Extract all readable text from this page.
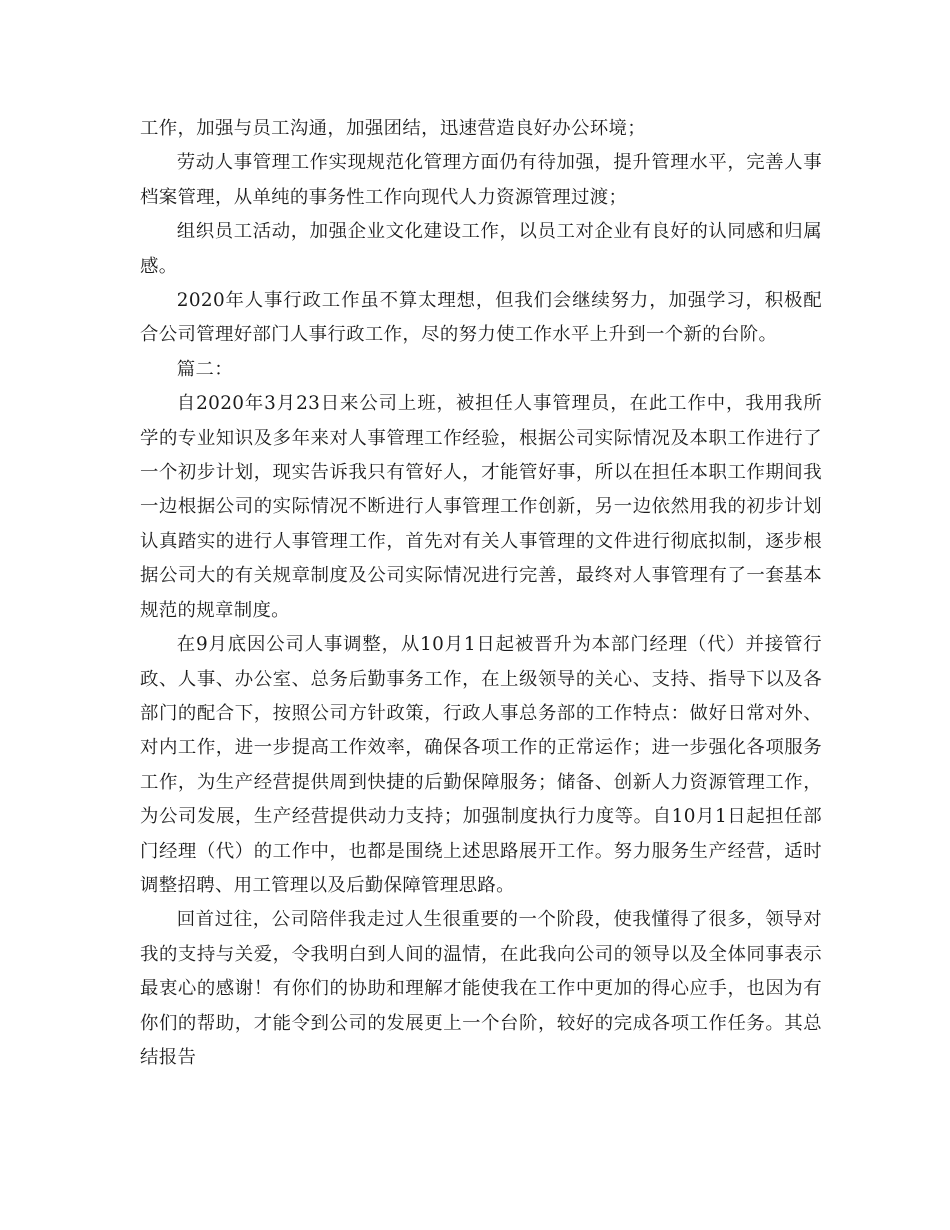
工作，加强与员工沟通，加强团结，迅速营造良好办公环境；

劳动人事管理工作实现规范化管理方面仍有待加强，提升管理水平，完善人事档案管理，从单纯的事务性工作向现代人力资源管理过渡；

组织员工活动，加强企业文化建设工作，以员工对企业有良好的认同感和归属感。

2020年人事行政工作虽不算太理想，但我们会继续努力，加强学习，积极配合公司管理好部门人事行政工作，尽的努力使工作水平上升到一个新的台阶。

篇二：

自2020年3月23日来公司上班，被担任人事管理员，在此工作中，我用我所学的专业知识及多年来对人事管理工作经验，根据公司实际情况及本职工作进行了一个初步计划，现实告诉我只有管好人，才能管好事，所以在担任本职工作期间我一边根据公司的实际情况不断进行人事管理工作创新，另一边依然用我的初步计划认真踏实的进行人事管理工作，首先对有关人事管理的文件进行彻底拟制，逐步根据公司大的有关规章制度及公司实际情况进行完善，最终对人事管理有了一套基本规范的规章制度。

在9月底因公司人事调整，从10月1日起被晋升为本部门经理（代）并接管行政、人事、办公室、总务后勤事务工作，在上级领导的关心、支持、指导下以及各部门的配合下，按照公司方针政策，行政人事总务部的工作特点：做好日常对外、对内工作，进一步提高工作效率，确保各项工作的正常运作；进一步强化各项服务工作，为生产经营提供周到快捷的后勤保障服务；储备、创新人力资源管理工作，为公司发展，生产经营提供动力支持；加强制度执行力度等。自10月1日起担任部门经理（代）的工作中，也都是围绕上述思路展开工作。努力服务生产经营，适时调整招聘、用工管理以及后勤保障管理思路。

回首过往，公司陪伴我走过人生很重要的一个阶段，使我懂得了很多，领导对我的支持与关爱，令我明白到人间的温情，在此我向公司的领导以及全体同事表示最衷心的感谢！有你们的协助和理解才能使我在工作中更加的得心应手，也因为有你们的帮助，才能令到公司的发展更上一个台阶，较好的完成各项工作任务。其总结报告
